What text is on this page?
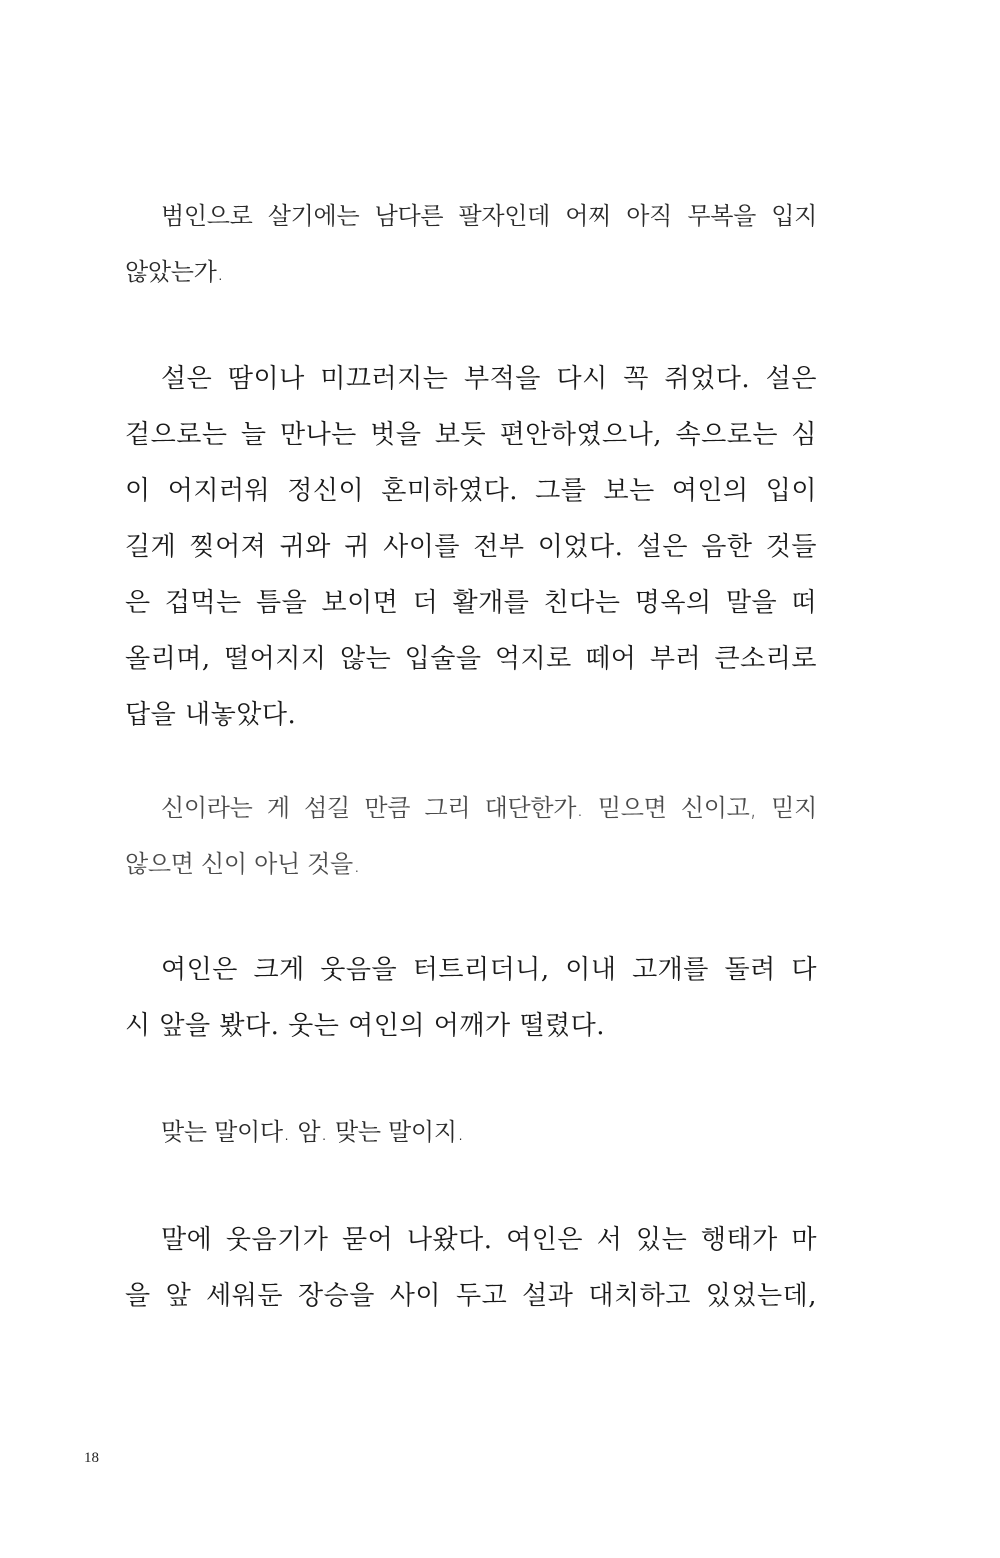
범인으로 살기에는 남다른 팔자인데 어찌 아직 무복을 입지
않았는가.
설은 땀이나 미끄러지는 부적을 다시 꼭 쥐었다. 설은
겉으로는 늘 만나는 벗을 보듯 편안하였으나, 속으로는 심
이 어지러워 정신이 혼미하였다. 그를 보는 여인의 입이
길게 찢어져 귀와 귀 사이를 전부 이었다. 설은 음한 것들
은 겁먹는 틈을 보이면 더 활개를 친다는 명옥의 말을 떠
올리며, 떨어지지 않는 입술을 억지로 떼어 부러 큰소리로
답을 내놓았다.
신이라는 게 섬길 만큼 그리 대단한가. 믿으면 신이고, 믿지
않으면 신이 아닌 것을.
여인은 크게 웃음을 터트리더니, 이내 고개를 돌려 다
시 앞을 봤다. 웃는 여인의 어깨가 떨렸다.
맞는 말이다. 암. 맞는 말이지.
말에 웃음기가 묻어 나왔다. 여인은 서 있는 행태가 마
을 앞 세워둔 장승을 사이 두고 설과 대치하고 있었는데,
18
